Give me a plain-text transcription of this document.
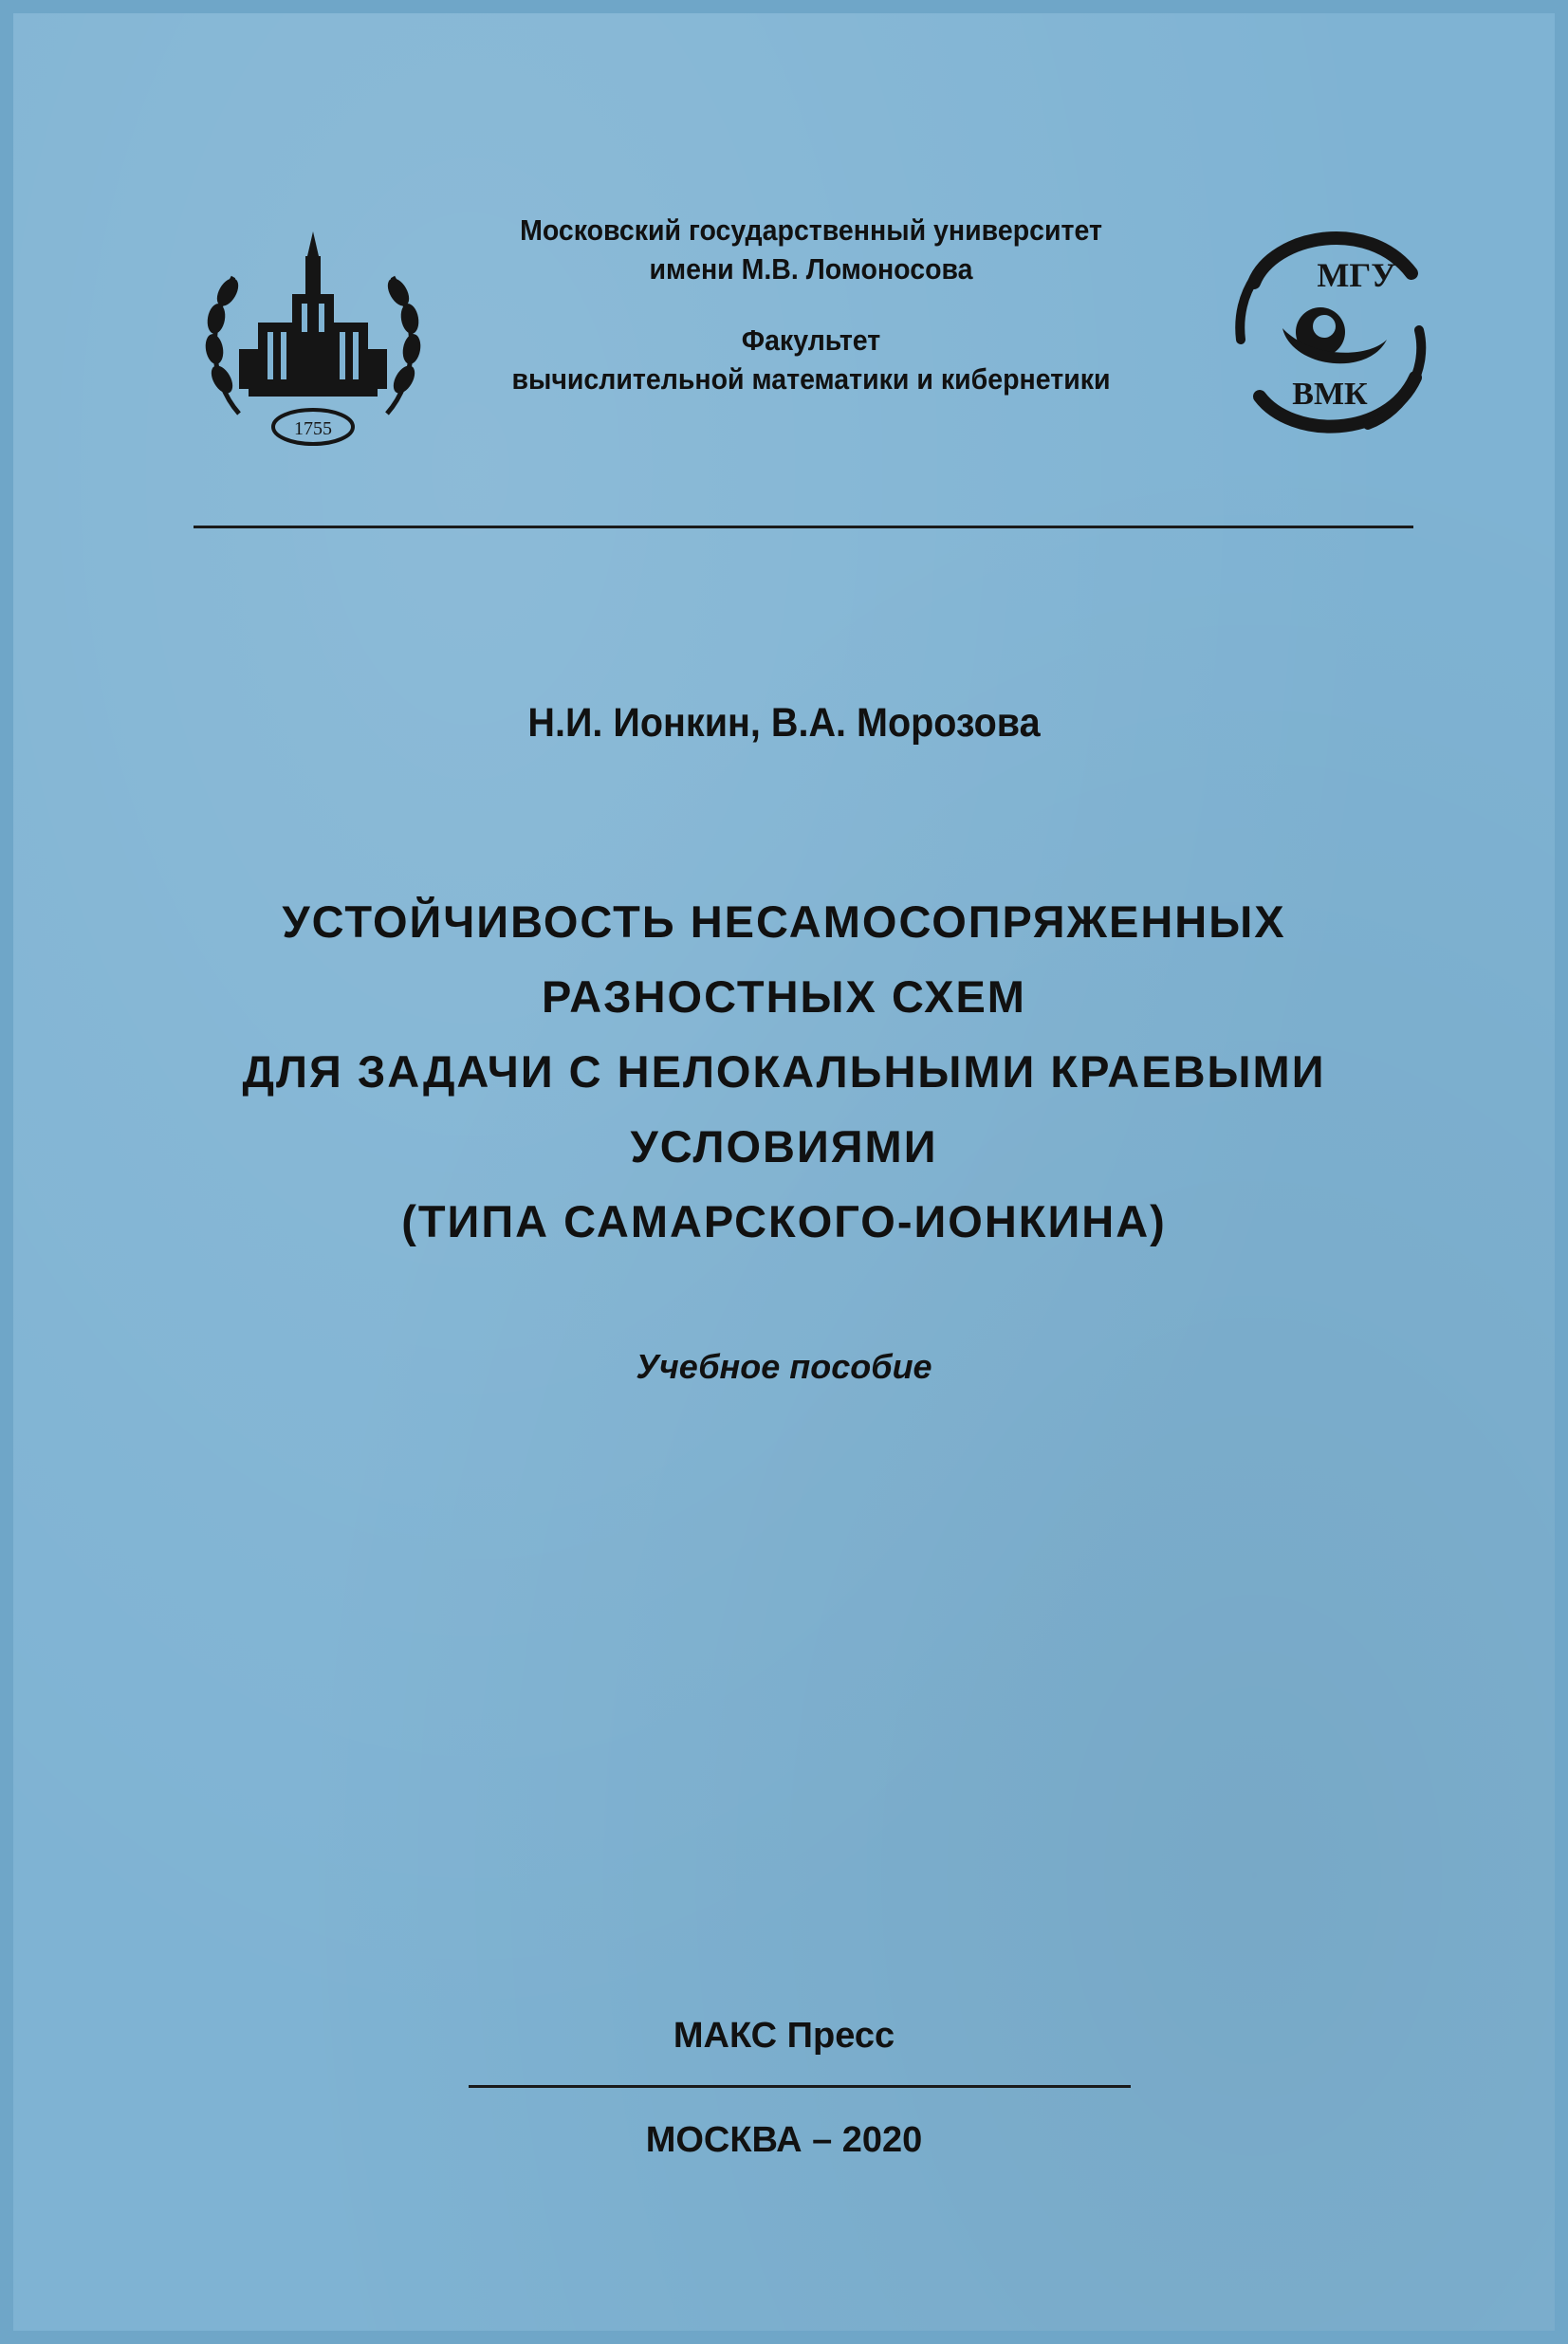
1755
Московский государственный университет
имени М.В. Ломоносова
Факультет
вычислительной математики и кибернетики
МГУ
ВМК
Н.И. Ионкин, В.А. Морозова
УСТОЙЧИВОСТЬ НЕСАМОСОПРЯЖЕННЫХ
РАЗНОСТНЫХ СХЕМ
ДЛЯ ЗАДАЧИ С НЕЛОКАЛЬНЫМИ КРАЕВЫМИ
УСЛОВИЯМИ
(ТИПА САМАРСКОГО-ИОНКИНА)
Учебное пособие
МАКС Пресс
МОСКВА – 2020
